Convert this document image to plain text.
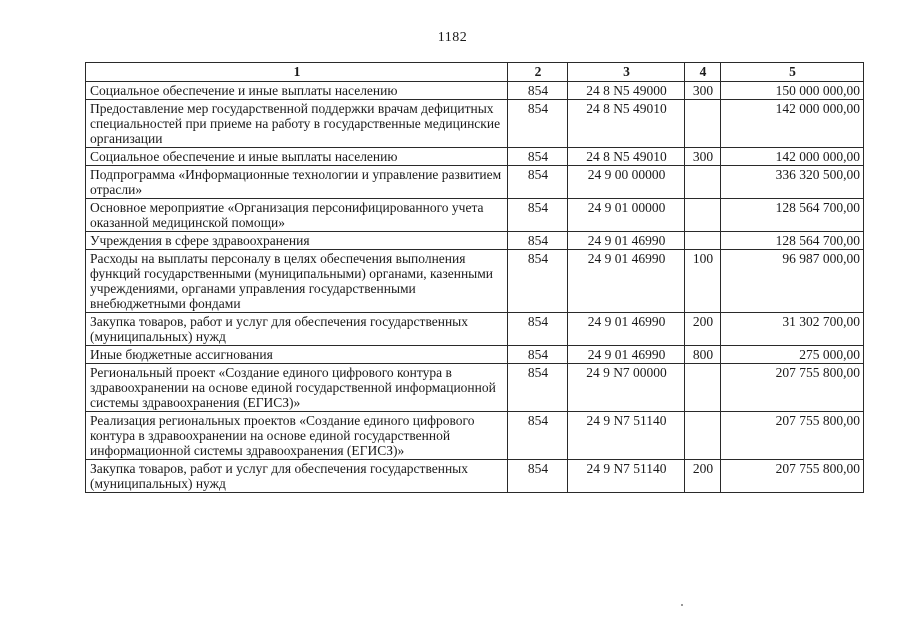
1182
1	2	3	4	5
Социальное обеспечение и иные выплаты населению	854	24 8 N5 49000	300	150 000 000,00
Предоставление мер государственной поддержки врачам дефицитных специальностей при приеме на работу в государственные медицинские организации	854	24 8 N5 49010		142 000 000,00
Социальное обеспечение и иные выплаты населению	854	24 8 N5 49010	300	142 000 000,00
Подпрограмма «Информационные технологии и управление развитием отрасли»	854	24 9 00 00000		336 320 500,00
Основное мероприятие «Организация персонифицированного учета оказанной медицинской помощи»	854	24 9 01 00000		128 564 700,00
Учреждения в сфере здравоохранения	854	24 9 01 46990		128 564 700,00
Расходы на выплаты персоналу в целях обеспечения выполнения функций государственными (муниципальными) органами, казенными учреждениями, органами управления государственными внебюджетными фондами	854	24 9 01 46990	100	96 987 000,00
Закупка товаров, работ и услуг для обеспечения государственных (муниципальных) нужд	854	24 9 01 46990	200	31 302 700,00
Иные бюджетные ассигнования	854	24 9 01 46990	800	275 000,00
Региональный проект «Создание единого цифрового контура в здравоохранении на основе единой государственной информационной системы здравоохранения (ЕГИСЗ)»	854	24 9 N7 00000		207 755 800,00
Реализация региональных проектов «Создание единого цифрового контура в здравоохранении на основе единой государственной информационной системы здравоохранения (ЕГИСЗ)»	854	24 9 N7 51140		207 755 800,00
Закупка товаров, работ и услуг для обеспечения государственных (муниципальных) нужд	854	24 9 N7 51140	200	207 755 800,00
